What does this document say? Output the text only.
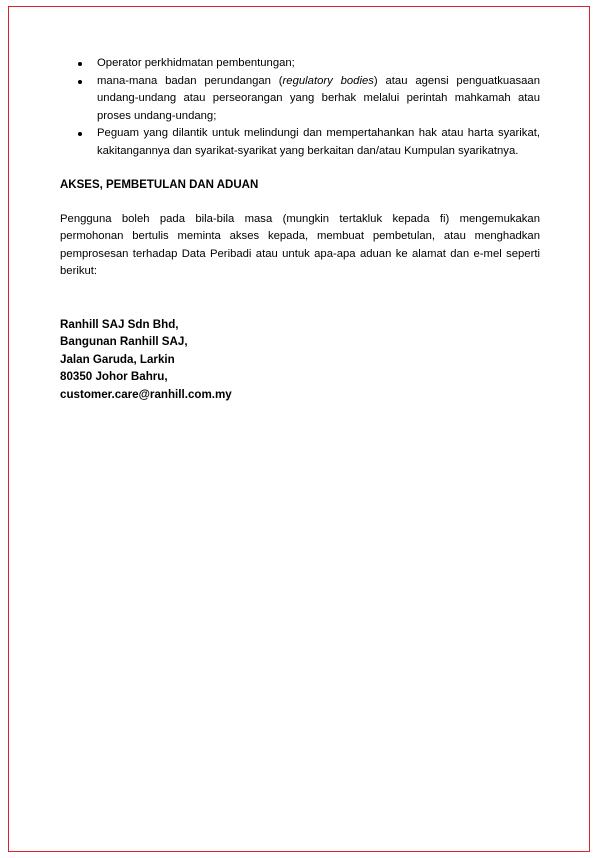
Operator perkhidmatan pembentungan;
mana-mana badan perundangan (regulatory bodies) atau agensi penguatkuasaan undang-undang atau perseorangan yang berhak melalui perintah mahkamah atau proses undang-undang;
Peguam yang dilantik untuk melindungi dan mempertahankan hak atau harta syarikat, kakitangannya dan syarikat-syarikat yang berkaitan dan/atau Kumpulan syarikatnya.
AKSES, PEMBETULAN DAN ADUAN
Pengguna boleh pada bila-bila masa (mungkin tertakluk kepada fi) mengemukakan permohonan bertulis meminta akses kepada, membuat pembetulan, atau menghadkan pemprosesan terhadap Data Peribadi atau untuk apa-apa aduan ke alamat dan e-mel seperti berikut:
Ranhill SAJ Sdn Bhd,
Bangunan Ranhill SAJ,
Jalan Garuda, Larkin
80350 Johor Bahru,
customer.care@ranhill.com.my
